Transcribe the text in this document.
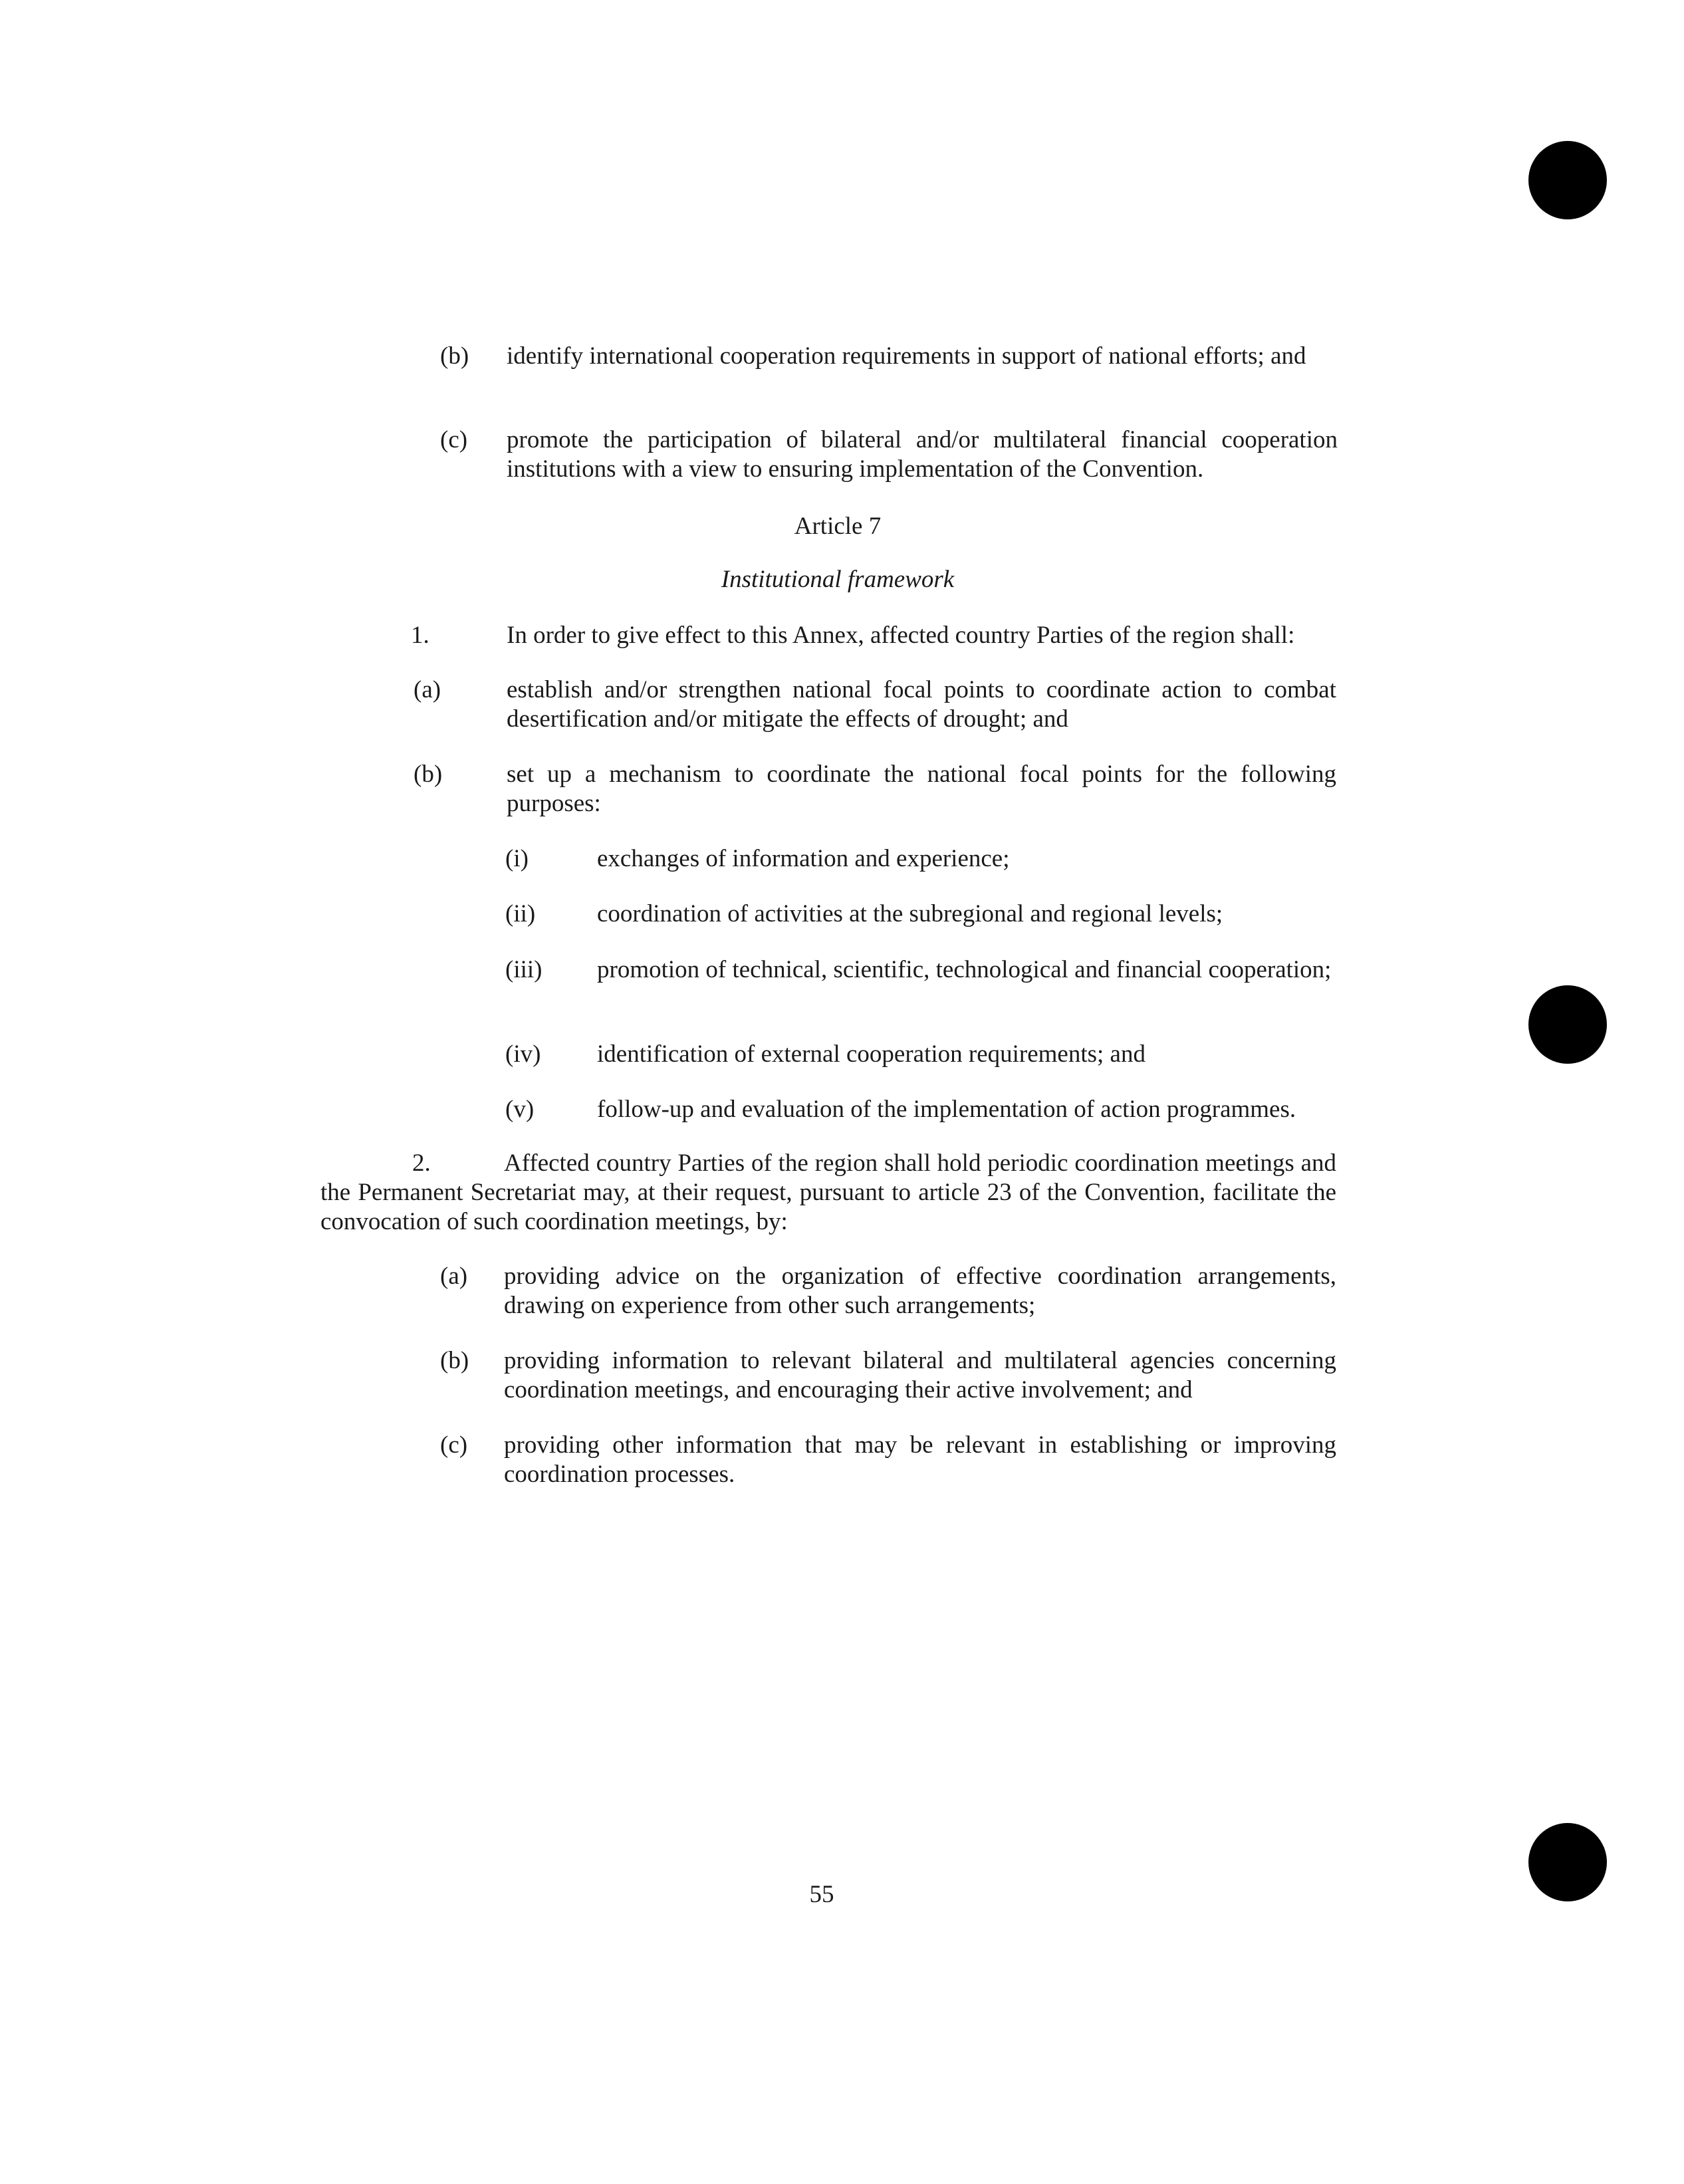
(b) identify international cooperation requirements in support of national efforts; and
(c) promote the participation of bilateral and/or multilateral financial cooperation institutions with a view to ensuring implementation of the Convention.
Article 7
Institutional framework
1.	In order to give effect to this Annex, affected country Parties of the region shall:
(a)	establish and/or strengthen national focal points to coordinate action to combat desertification and/or mitigate the effects of drought; and
(b)	set up a mechanism to coordinate the national focal points for the following purposes:
(i)	exchanges of information and experience;
(ii)	coordination of activities at the subregional and regional levels;
(iii) promotion of technical, scientific, technological and financial cooperation;
(iv) identification of external cooperation requirements; and
(v)	follow-up and evaluation of the implementation of action programmes.
2.	Affected country Parties of the region shall hold periodic coordination meetings and the Permanent Secretariat may, at their request, pursuant to article 23 of the Convention, facilitate the convocation of such coordination meetings, by:
(a) providing advice on the organization of effective coordination arrangements, drawing on experience from other such arrangements;
(b) providing information to relevant bilateral and multilateral agencies concerning coordination meetings, and encouraging their active involvement; and
(c) providing other information that may be relevant in establishing or improving coordination processes.
55
